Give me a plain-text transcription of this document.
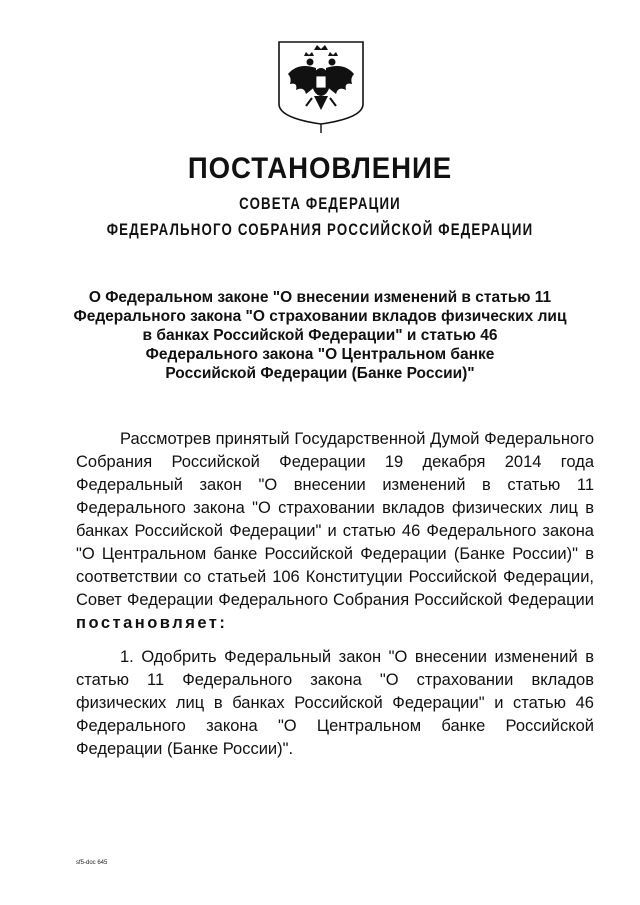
ПОСТАНОВЛЕНИЕ
СОВЕТА ФЕДЕРАЦИИ
ФЕДЕРАЛЬНОГО СОБРАНИЯ РОССИЙСКОЙ ФЕДЕРАЦИИ
О Федеральном законе "О внесении изменений в статью 11
Федерального закона "О страховании вкладов физических лиц
в банках Российской Федерации" и статью 46
Федерального закона "О Центральном банке
Российской Федерации (Банке России)"
Рассмотрев принятый Государственной Думой Федерального
Собрания Российской Федерации 19 декабря 2014 года
Федеральный закон "О внесении изменений в статью 11
Федерального закона "О страховании вкладов физических лиц в
банках Российской Федерации" и статью 46 Федерального закона
"О Центральном банке Российской Федерации (Банке России)" в
соответствии со статьей 106 Конституции Российской Федерации,
Совет Федерации Федерального Собрания Российской Федерации
постановляет:
1. Одобрить Федеральный закон "О внесении изменений в
статью 11 Федерального закона "О страховании вкладов
физических лиц в банках Российской Федерации" и статью 46
Федерального закона "О Центральном банке Российской
Федерации (Банке России)".
sf5-doc 645
